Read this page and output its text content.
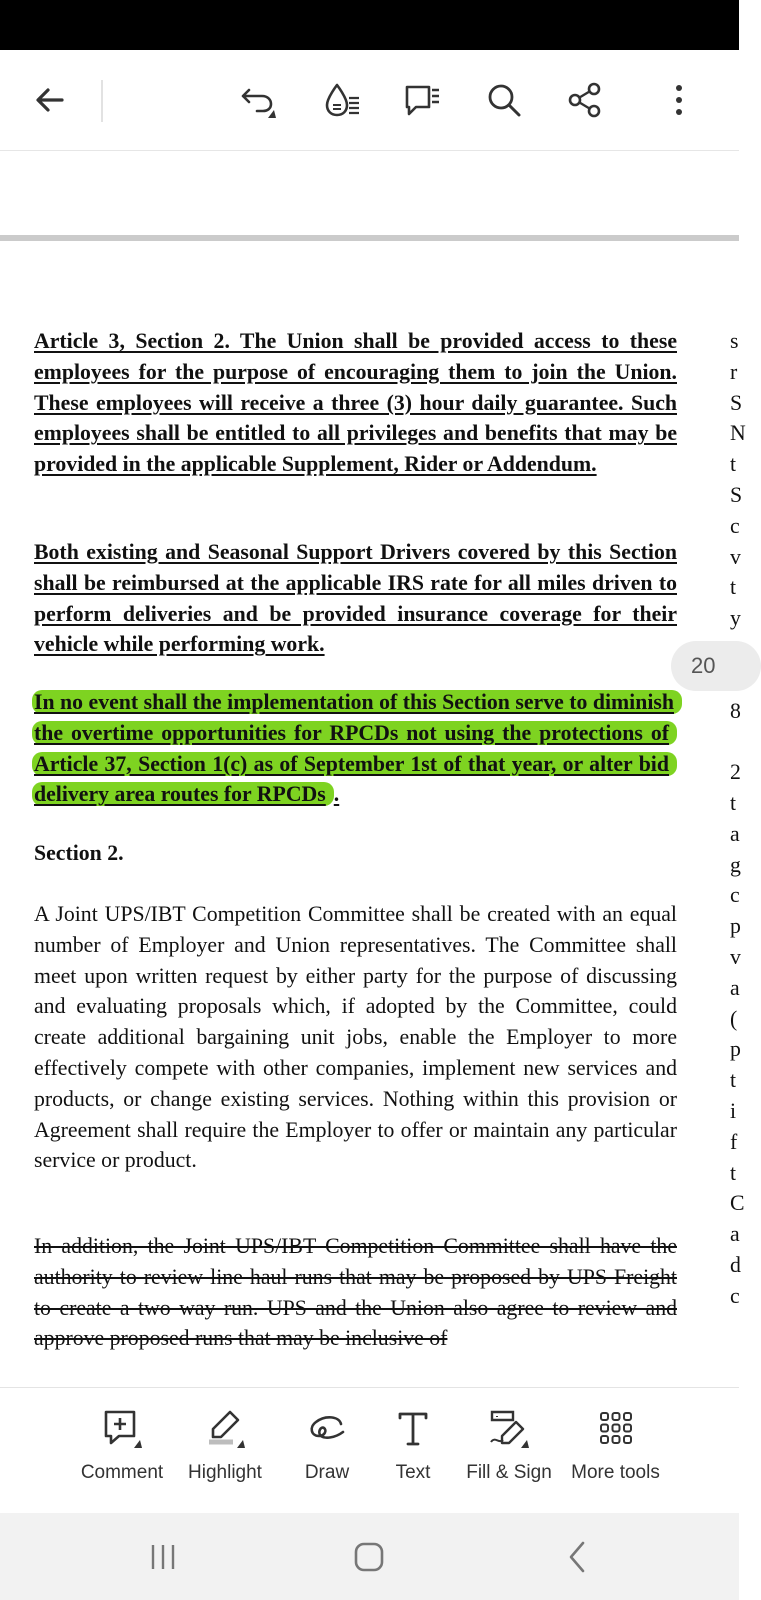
Article 3, Section 2. The Union shall be provided access to these employees for the purpose of encouraging them to join the Union. These employees will receive a three (3) hour daily guarantee. Such employees shall be entitled to all privileges and benefits that may be provided in the applicable Supplement, Rider or Addendum.
Both existing and Seasonal Support Drivers covered by this Section shall be reimbursed at the applicable IRS rate for all miles driven to perform deliveries and be provided insurance coverage for their vehicle while performing work.
In no event shall the implementation of this Section serve to diminish the overtime opportunities for RPCDs not using the protections of Article 37, Section 1(c) as of September 1st of that year, or alter bid delivery area routes for RPCDs .
Section 2.
A Joint UPS/IBT Competition Committee shall be created with an equal number of Employer and Union representatives. The Committee shall meet upon written request by either party for the purpose of discussing and evaluating proposals which, if adopted by the Committee, could create additional bargaining unit jobs, enable the Employer to more effectively compete with other companies, implement new services and products, or change existing services. Nothing within this provision or Agreement shall require the Employer to offer or maintain any particular service or product.
In addition, the Joint UPS/IBT Competition Committee shall have the authority to review line haul runs that may be proposed by UPS Freight to create a two way run. UPS and the Union also agree to review and approve proposed runs that may be inclusive of
s
r
S
N
t
S
c
v
t
y
8
2
t
a
g
c
p
v
a
(
p
t
i
f
t
C
a
d
c
20
Comment	Highlight	Draw	Text	Fill & Sign	More tools
